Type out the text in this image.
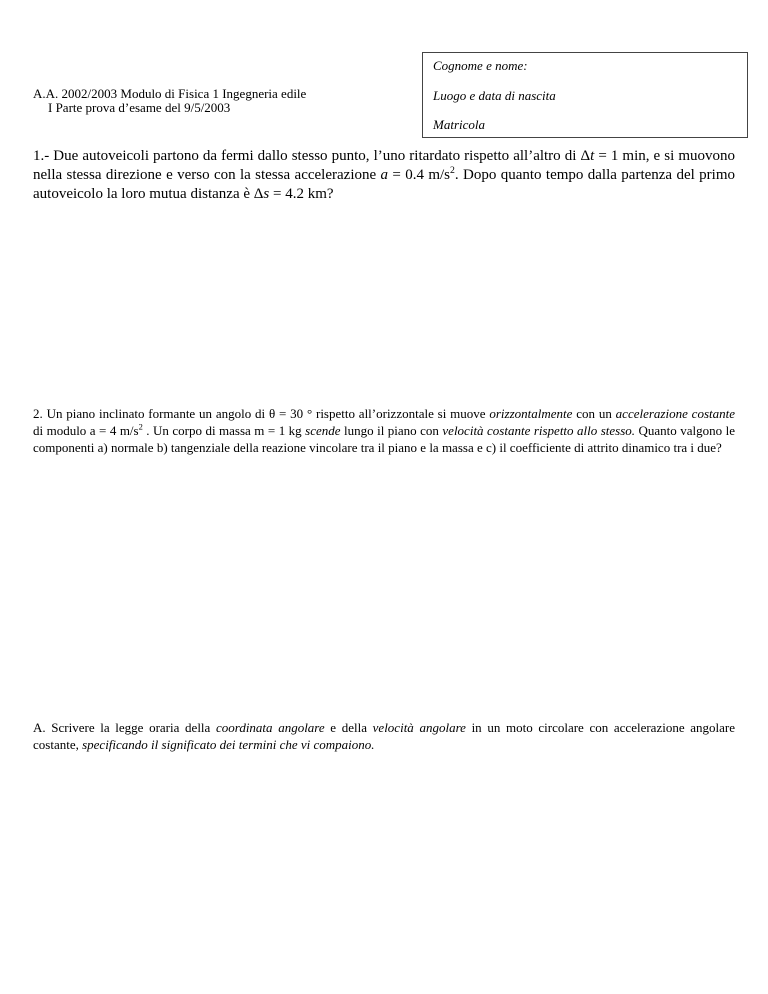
Cognome e nome:
Luogo e data di nascita
Matricola
A.A. 2002/2003 Modulo di Fisica 1 Ingegneria edile
I Parte prova d’esame del 9/5/2003
1.- Due autoveicoli partono da fermi dallo stesso punto, l’uno ritardato rispetto all’altro di Δt = 1 min, e si muovono nella stessa direzione e verso con la stessa accelerazione a = 0.4 $m/s^2$. Dopo quanto tempo dalla partenza del primo autoveicolo la loro mutua distanza è Δs = 4.2 km?
2. Un piano inclinato formante un angolo di θ = 30 ° rispetto all’orizzontale si muove orizzontalmente con un accelerazione costante di modulo a = 4 $m/s^2$ . Un corpo di massa m = 1 kg scende lungo il piano con velocità costante rispetto allo stesso. Quanto valgono le componenti a) normale b) tangenziale della reazione vincolare tra il piano e la massa e c) il coefficiente di attrito dinamico tra i due?
A. Scrivere la legge oraria della coordinata angolare e della velocità angolare in un moto circolare con accelerazione angolare costante, specificando il significato dei termini che vi compaiono.
